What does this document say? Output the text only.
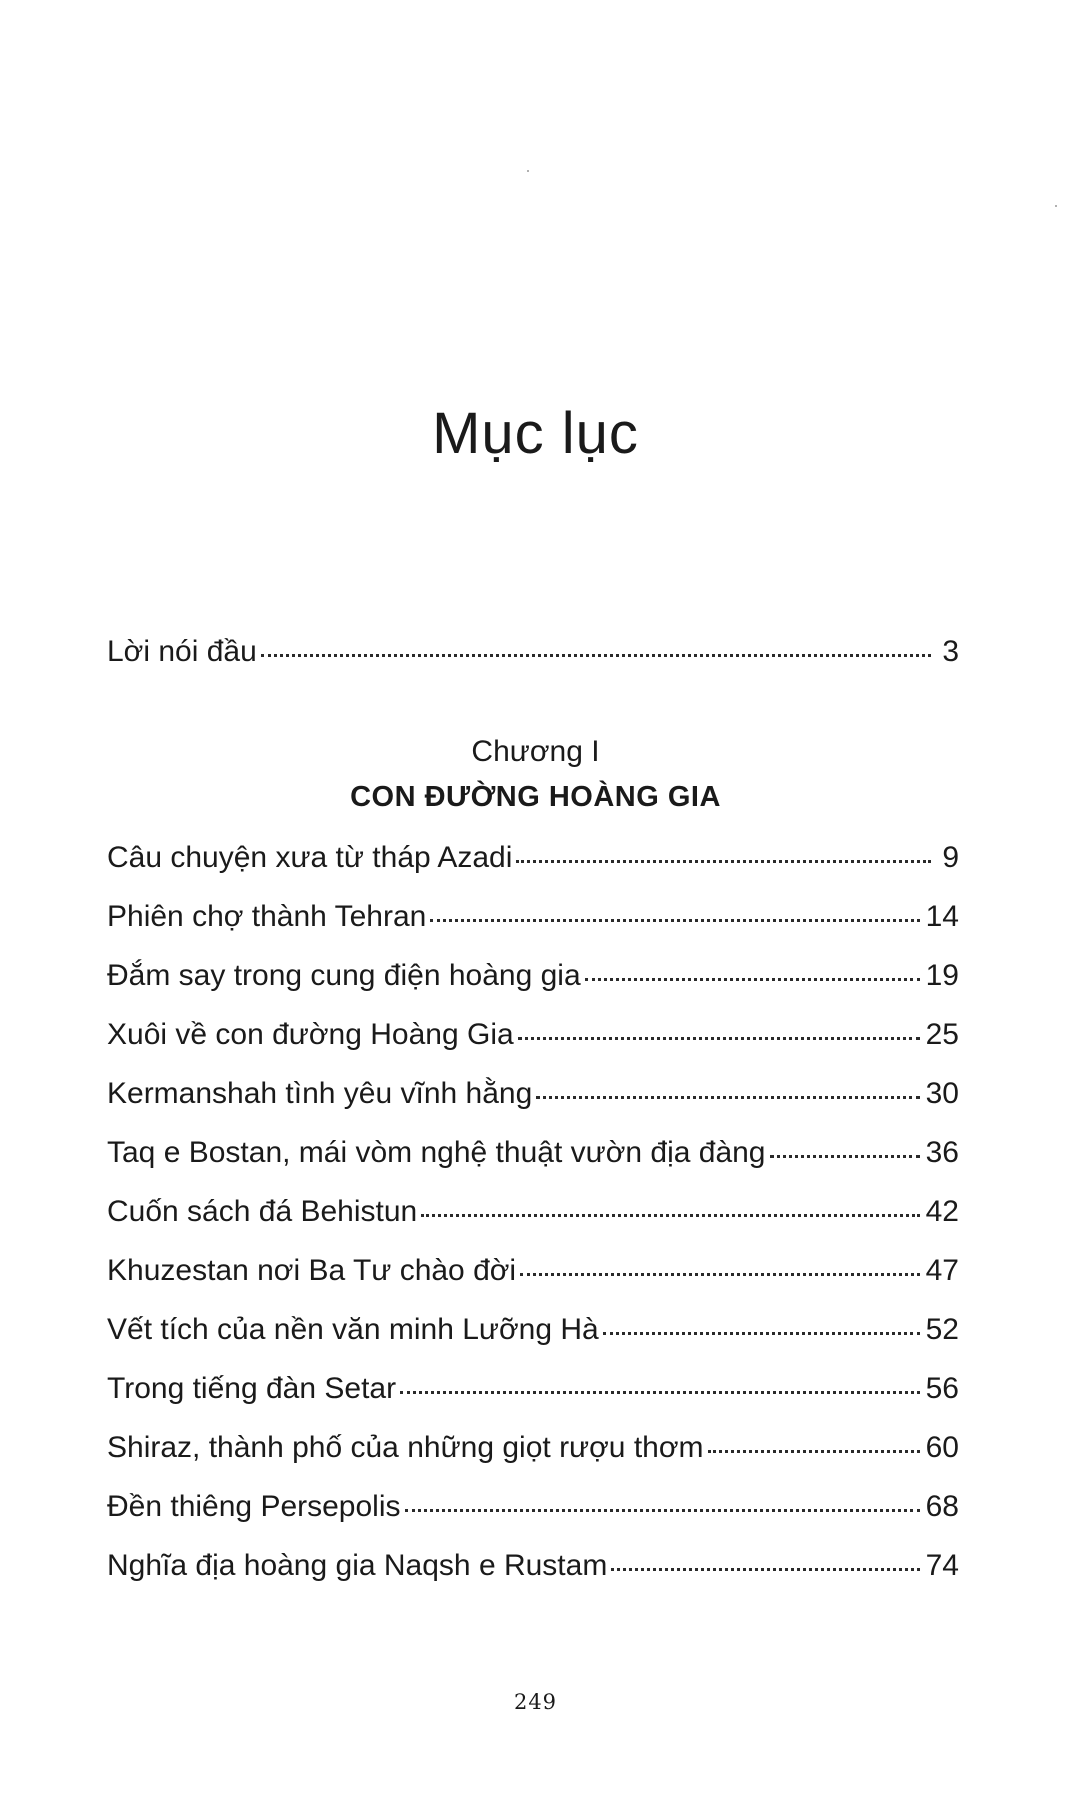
Mục lục
Lời nói đầu	3
Chương I
CON ĐƯỜNG HOÀNG GIA
Câu chuyện xưa từ tháp Azadi	9
Phiên chợ thành Tehran	14
Đắm say trong cung điện hoàng gia	19
Xuôi về con đường Hoàng Gia	25
Kermanshah tình yêu vĩnh hằng	30
Taq e Bostan, mái vòm nghệ thuật vườn địa đàng	36
Cuốn sách đá Behistun	42
Khuzestan nơi Ba Tư chào đời	47
Vết tích của nền văn minh Lưỡng Hà	52
Trong tiếng đàn Setar	56
Shiraz, thành phố của những giọt rượu thơm	60
Đền thiêng Persepolis	68
Nghĩa địa hoàng gia Naqsh e Rustam	74
249
